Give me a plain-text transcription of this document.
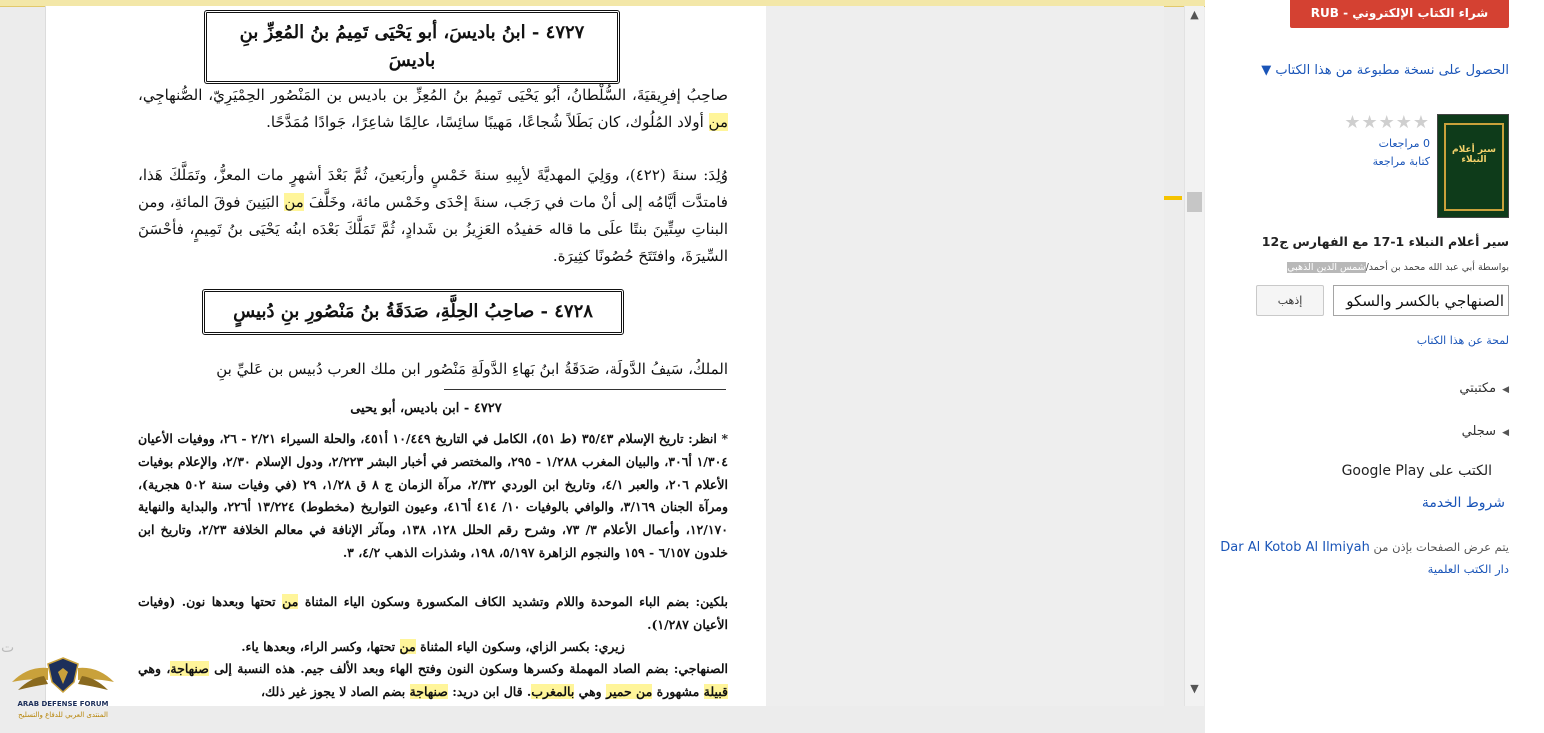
٤٧٢٧ - ابنُ باديسَ، أبو يَحْيَى تَمِيمُ بنُ المُعِزِّ بنِ باديسَ
صاحِبُ إفرِيقيَةَ، السُّلْطانُ، أبُو يَحْيَى تَمِيمُ بنُ المُعِزِّ بن باديس بن المَنْصُور الحِمْيَرِيّ، الصُّنهاجِي، من أولاد المُلُوك، كان بَطَلاً شُجاعًا، مَهيبًا سائِسًا، عالِمًا شاعِرًا، جَوادًا مُمَدَّحًا.
وُلِدَ: سنةَ (٤٢٢)، ووَلِيَ المهديَّةَ لأبِيهِ سنةَ خَمْسٍ وأربَعينَ، ثُمَّ بَعْدَ أشهرٍ مات المعزُّ، وتَمَلَّكَ هَذا، فامتدَّت أيَّامُه إلى أنْ مات في رَجَب، سنةَ إحْدَى وخَمْس مائة، وخَلَّفَ من البَنِينَ فوقَ المائةِ، ومن البناتِ سِتِّينَ بنتًا علَى ما قاله حَفيدُه العَزِيزُ بن شَدادٍ، ثُمَّ تَمَلَّكَ بَعْدَه ابنُه يَحْيَى بنُ تَمِيمٍ، فأحْسَنَ السِّيرَةَ، وافتَتَحَ حُصُونًا كثِيرَة.
٤٧٢٨ - صاحِبُ الحِلَّةِ، صَدَقَةُ بنُ مَنْصُورِ بنِ دُبيسٍ
الملكُ، سَيفُ الدَّولَة، صَدَقَةُ ابنُ بَهاءِ الدَّولَةِ مَنْصُور ابن ملك العرب دُبيس بن عَليِّ بنِ
٤٧٢٧ - ابن باديس، أبو يحيى
* انظر: تاريخ الإسلام ٣٥/٤٣ (ط ٥١)، الكامل في التاريخ ١٠/٤٤٩ أ٤٥١، والحلة السيراء ٢/٢١ - ٢٦، ووفيات الأعيان ١/٣٠٤ أ٣٠٦، والبيان المغرب ١/٢٨٨ - ٢٩٥، والمختصر في أخبار البشر ٢/٢٢٣، ودول الإسلام ٢/٣٠، والإعلام بوفيات الأعلام ٢٠٦، والعبر ٤/١، وتاريخ ابن الوردي ٢/٣٢، مرآة الزمان ج ٨ ق ١/٢٨، ٢٩ (في وفيات سنة ٥٠٢ هجرية)، ومرآة الجنان ٣/١٦٩، والوافي بالوفيات ١٠/ ٤١٤ أ٤١٦، وعيون التواريخ (مخطوط) ١٣/٢٢٤ أ٢٢٦، والبداية والنهاية ١٢/١٧٠، وأعمال الأعلام ٣/ ٧٣، وشرح رقم الحلل ١٢٨، ١٣٨، ومآثر الإنافة في معالم الخلافة ٢/٢٣، وتاريخ ابن خلدون ٦/١٥٧ - ١٥٩ والنجوم الزاهرة ٥/١٩٧، ١٩٨، وشذرات الذهب ٤/٢، ٣.
بلكين: بضم الباء الموحدة واللام وتشديد الكاف المكسورة وسكون الياء المثناة من تحتها وبعدها نون. (وفيات الأعيان ١/٢٨٧).
زيري: بكسر الزاي، وسكون الياء المثناة من تحتها، وكسر الراء، وبعدها ياء.
الصنهاجي: بضم الصاد المهملة وكسرها وسكون النون وفتح الهاء وبعد الألف جيم. هذه النسبة إلى صنهاجة، وهي قبيلة مشهورة من حمير وهي بالمغرب. قال ابن دريد: صنهاجة بضم الصاد لا يجوز غير ذلك،
▲
▼
ت
ARAB DEFENSE FORUM
المنتدى العربي للدفاع والتسليح
شراء الكتاب الإلكتروني - RUB 767.86
الحصول على نسخة مطبوعة من هذا الكتاب ▼
سير أعلام النبلاء
★★★★★
0 مراجعات
كتابة مراجعة
سير أعلام النبلاء 1-17 مع الفهارس ج12
بواسطة أبي عبد الله محمد بن أحمد/شمس الدين الذهبي
الصنهاجي بالكسر والسكو
إذهب
لمحة عن هذا الكتاب
◀مكتبتي
◀سجلي
الكتب على Google Play
شروط الخدمة
يتم عرض الصفحات بإذن من Dar Al Kotob Al Ilmiyah
دار الكتب العلمية
